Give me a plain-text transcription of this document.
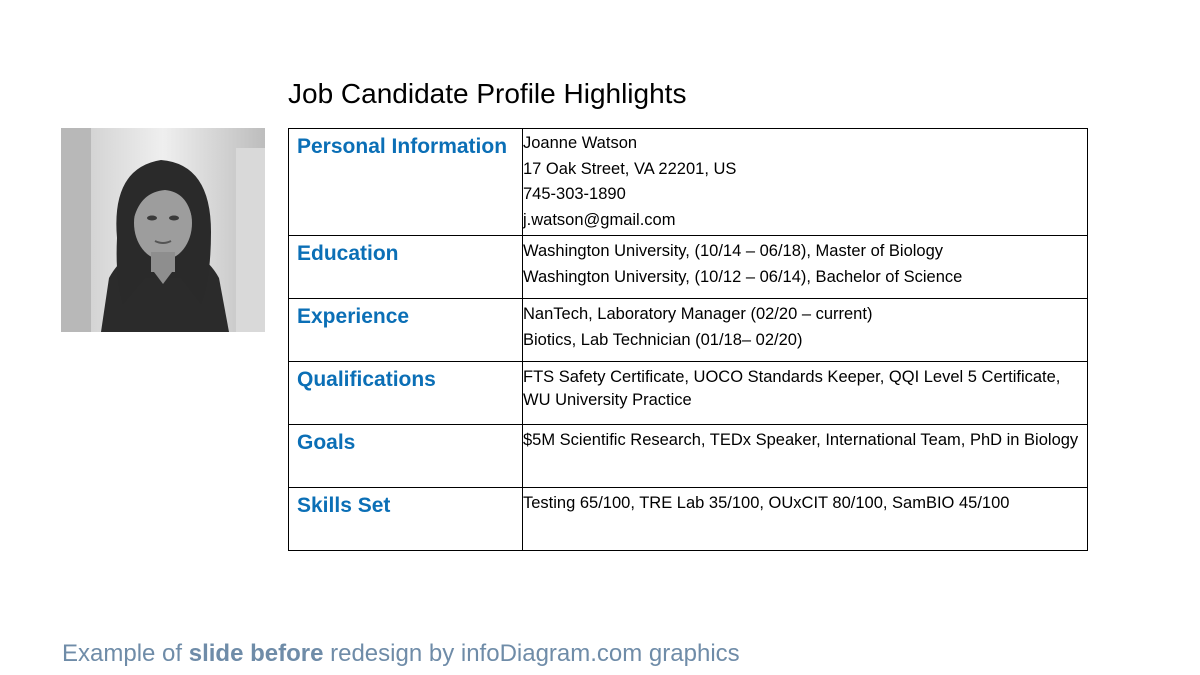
Job Candidate Profile Highlights
Personal Information	Joanne Watson
17 Oak Street, VA 22201, US
745-303-1890
j.watson@gmail.com

Education	Washington University, (10/14 – 06/18), Master of Biology
Washington University, (10/12 – 06/14), Bachelor of Science

Experience	NanTech, Laboratory Manager (02/20 – current)
Biotics, Lab Technician (01/18– 02/20)

Qualifications	FTS Safety Certificate, UOCO Standards Keeper, QQI Level 5 Certificate, WU University Practice

Goals	$5M Scientific Research, TEDx Speaker, International Team, PhD in Biology

Skills Set	Testing 65/100, TRE Lab 35/100, OUxCIT 80/100, SamBIO 45/100
Example of slide before redesign by infoDiagram.com graphics
